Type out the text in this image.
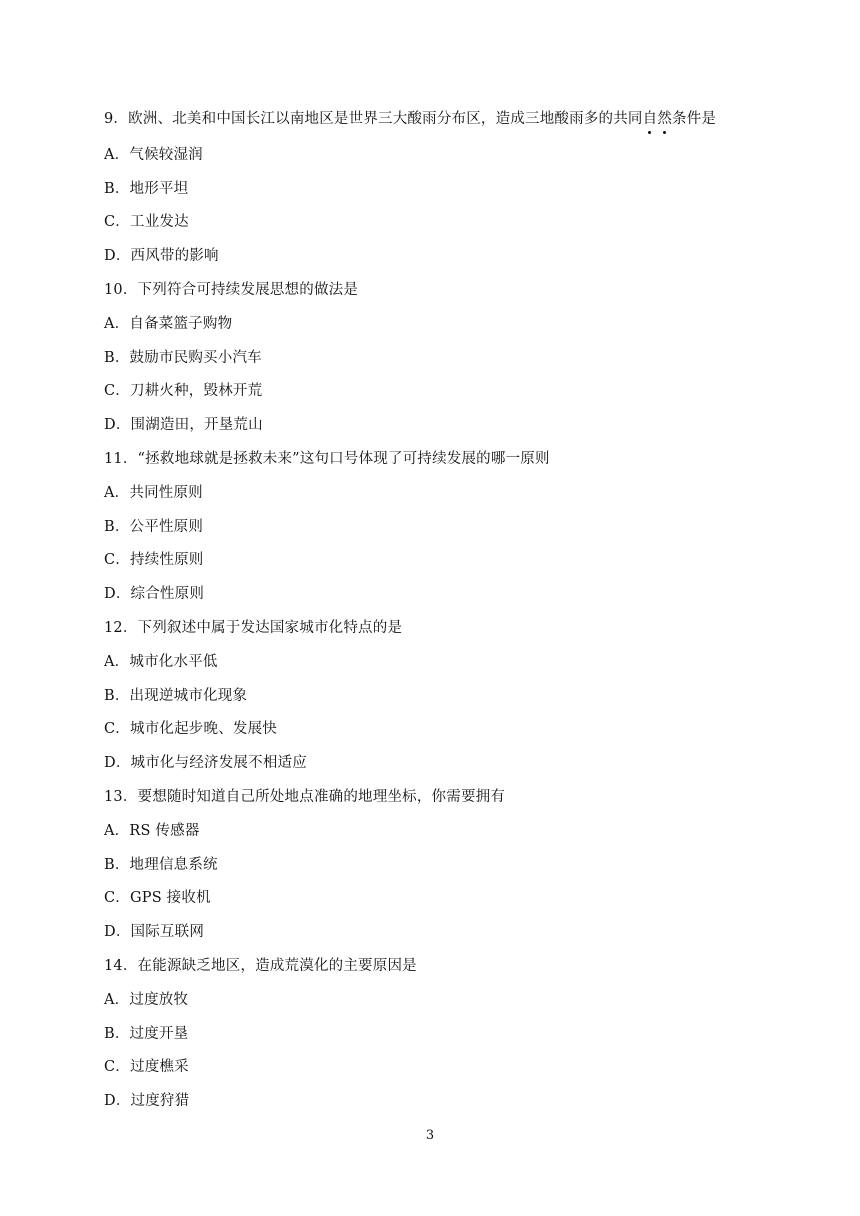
9．欧洲、北美和中国长江以南地区是世界三大酸雨分布区，造成三地酸雨多的共同自然条件是
A．气候较湿润
B．地形平坦
C．工业发达
D．西风带的影响
10．下列符合可持续发展思想的做法是
A．自备菜篮子购物
B．鼓励市民购买小汽车
C．刀耕火种，毁林开荒
D．围湖造田，开垦荒山
11．“拯救地球就是拯救未来”这句口号体现了可持续发展的哪一原则
A．共同性原则
B．公平性原则
C．持续性原则
D．综合性原则
12．下列叙述中属于发达国家城市化特点的是
A．城市化水平低
B．出现逆城市化现象
C．城市化起步晚、发展快
D．城市化与经济发展不相适应
13．要想随时知道自己所处地点准确的地理坐标，你需要拥有
A．RS 传感器
B．地理信息系统
C．GPS 接收机
D．国际互联网
14．在能源缺乏地区，造成荒漠化的主要原因是
A．过度放牧
B．过度开垦
C．过度樵采
D．过度狩猎
3
